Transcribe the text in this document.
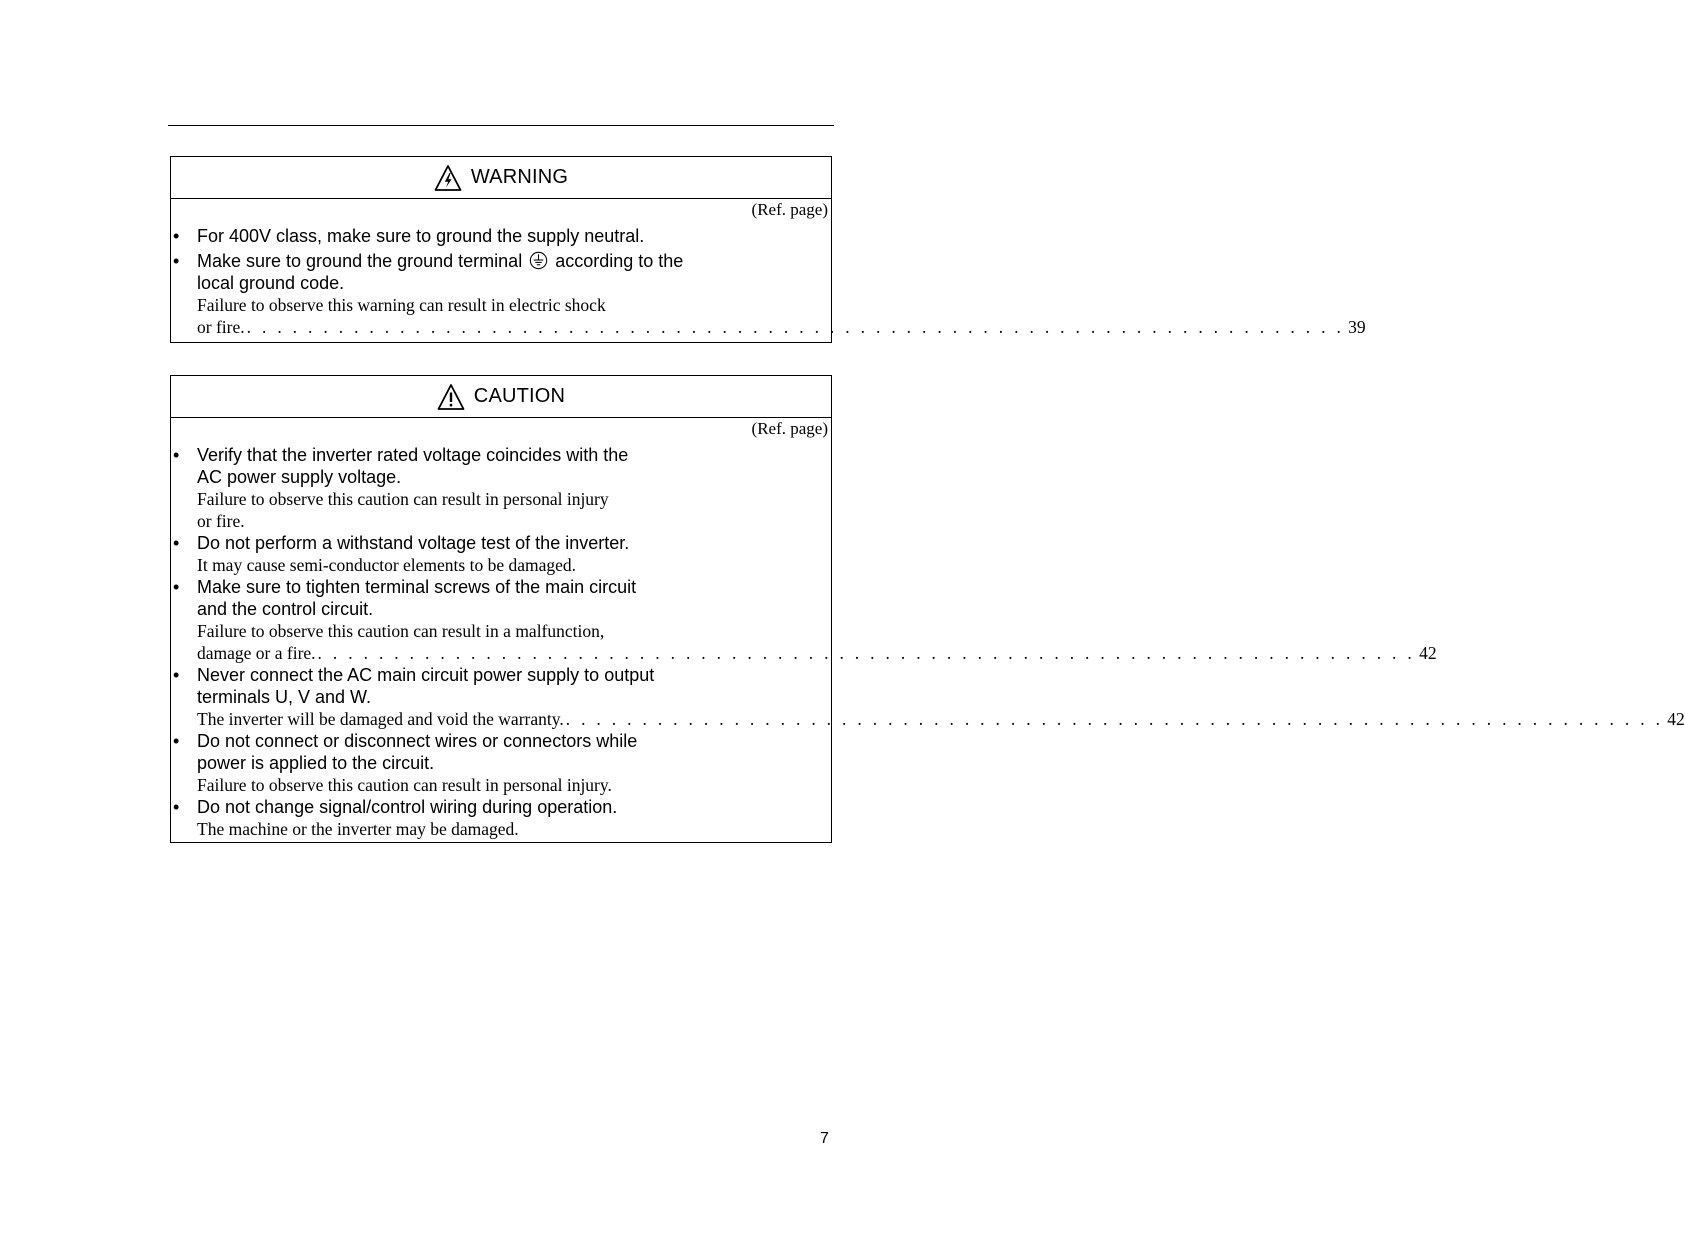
WARNING
(Ref. page)
• For 400V class, make sure to ground the supply neutral.
• Make sure to ground the ground terminal according to the
local ground code.
Failure to observe this warning can result in electric shock
or fire. . . . . . . . . . . . . . . . . . . . . . . . . . . . . . . . . . . . . . . . . . . . . . . . . . . . . . . . . . . . . . . . . . . . . . . . . 39
CAUTION
(Ref. page)
• Verify that the inverter rated voltage coincides with the
AC power supply voltage.
Failure to observe this caution can result in personal injury
or fire.
• Do not perform a withstand voltage test of the inverter.
It may cause semi-conductor elements to be damaged.
• Make sure to tighten terminal screws of the main circuit
and the control circuit.
Failure to observe this caution can result in a malfunction,
damage or a fire. . . . . . . . . . . . . . . . . . . . . . . . . . . . . . . . . . . . . . . . . . . . . . . . . . . . . . . . . . . . . . . . . . . . . . . . . 42
• Never connect the AC main circuit power supply to output
terminals U, V and W.
The inverter will be damaged and void the warranty. . . . . . . . . . . . . . . . . . . . . . . . . . . . . . . . . . . . . . . . . . . . . . . . . . . . . . . . . . . . . . . . . . . . . . . . . 42
• Do not connect or disconnect wires or connectors while
power is applied to the circuit.
Failure to observe this caution can result in personal injury.
• Do not change signal/control wiring during operation.
The machine or the inverter may be damaged.
7
